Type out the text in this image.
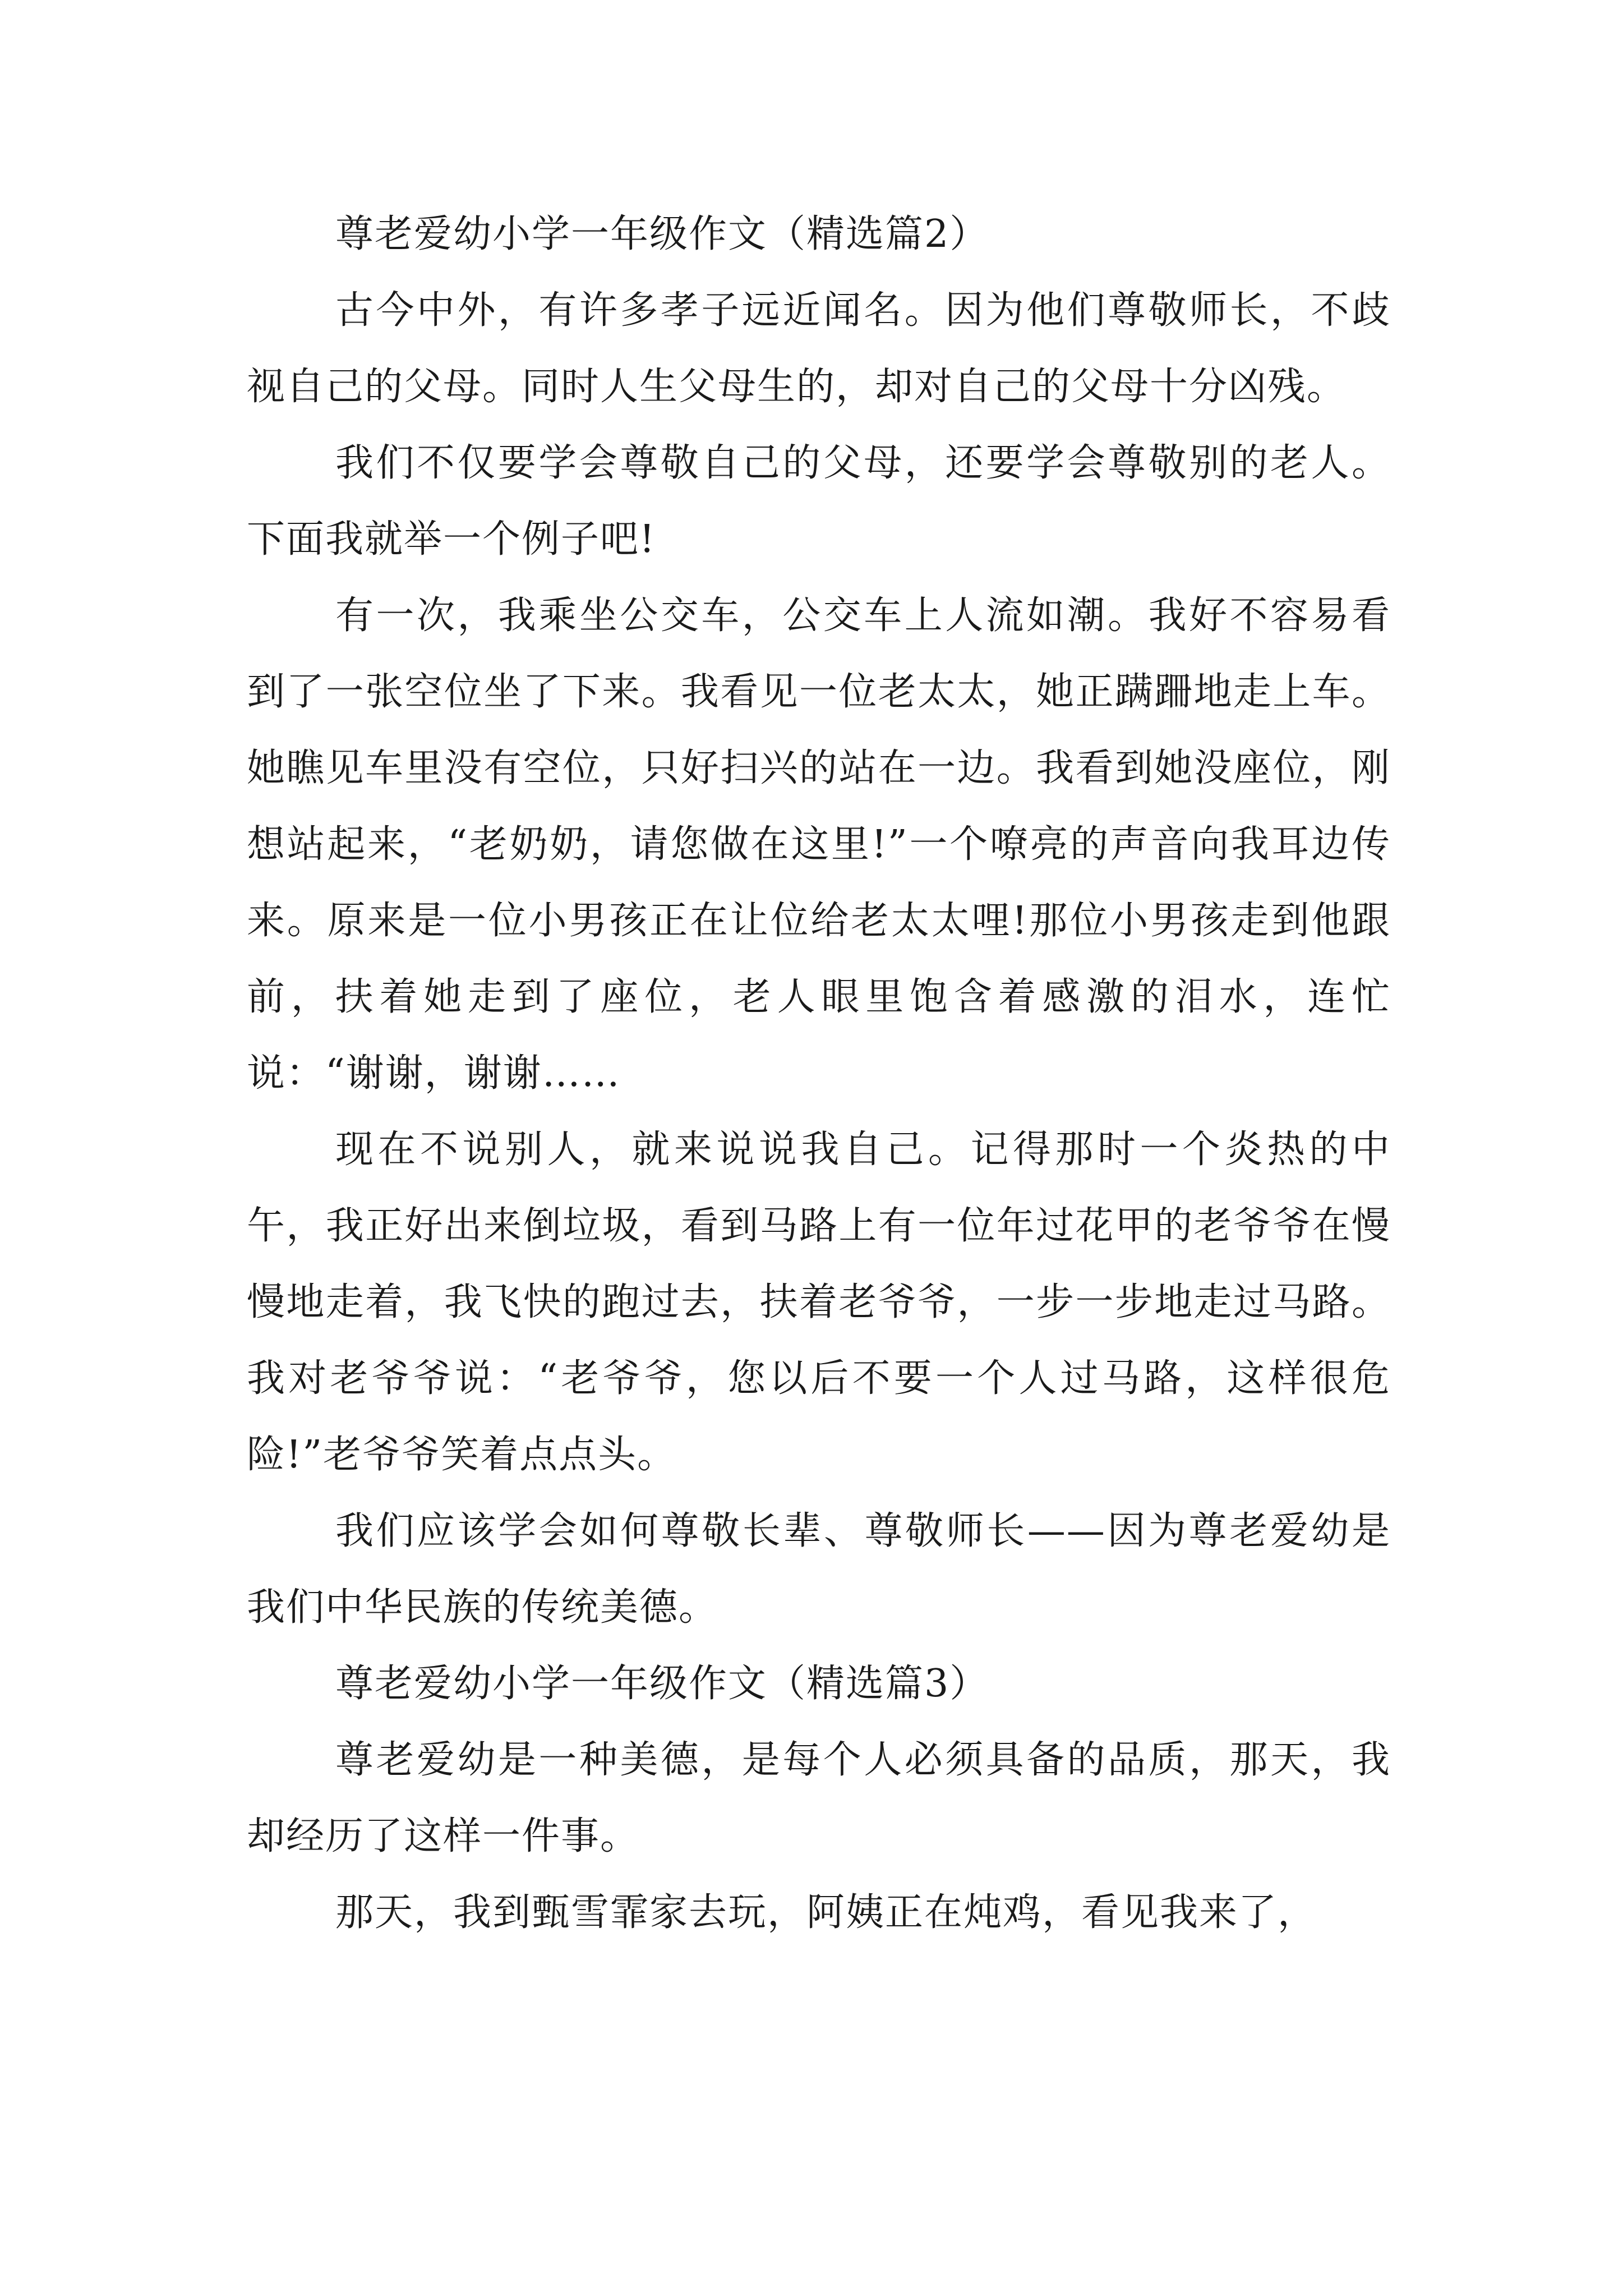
尊老爱幼小学一年级作文（精选篇2）

古今中外，有许多孝子远近闻名。因为他们尊敬师长，不歧视自己的父母。同时人生父母生的，却对自己的父母十分凶残。

我们不仅要学会尊敬自己的父母，还要学会尊敬别的老人。下面我就举一个例子吧!

有一次，我乘坐公交车，公交车上人流如潮。我好不容易看到了一张空位坐了下来。我看见一位老太太，她正蹒跚地走上车。她瞧见车里没有空位，只好扫兴的站在一边。我看到她没座位，刚想站起来，“老奶奶，请您做在这里!”一个嘹亮的声音向我耳边传来。原来是一位小男孩正在让位给老太太哩!那位小男孩走到他跟前，扶着她走到了座位，老人眼里饱含着感激的泪水，连忙说：“谢谢，谢谢……

现在不说别人，就来说说我自己。记得那时一个炎热的中午，我正好出来倒垃圾，看到马路上有一位年过花甲的老爷爷在慢慢地走着，我飞快的跑过去，扶着老爷爷，一步一步地走过马路。我对老爷爷说：“老爷爷，您以后不要一个人过马路，这样很危险!”老爷爷笑着点点头。

我们应该学会如何尊敬长辈、尊敬师长——因为尊老爱幼是我们中华民族的传统美德。

尊老爱幼小学一年级作文（精选篇3）

尊老爱幼是一种美德，是每个人必须具备的品质，那天，我却经历了这样一件事。

那天，我到甄雪霏家去玩，阿姨正在炖鸡，看见我来了，
